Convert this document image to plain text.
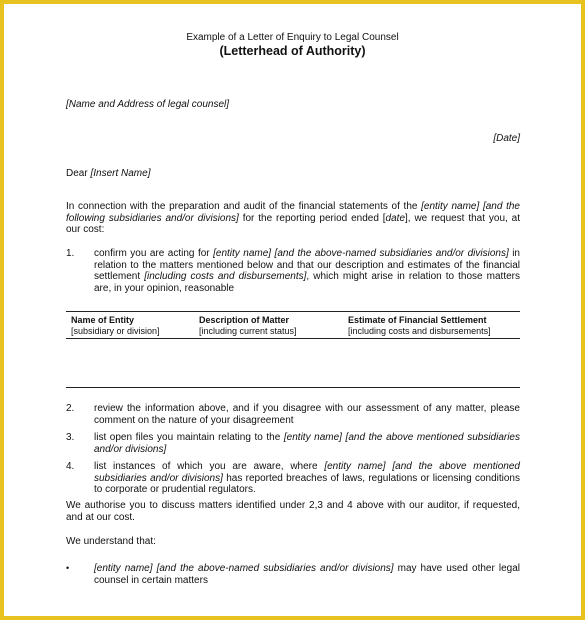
Example of a Letter of Enquiry to Legal Counsel
(Letterhead of Authority)
[Name and Address of legal counsel]
[Date]
Dear [Insert Name]
In connection with the preparation and audit of the financial statements of the [entity name] [and the following subsidiaries and/or divisions] for the reporting period ended [date], we request that you, at our cost:
1. confirm you are acting for [entity name] [and the above-named subsidiaries and/or divisions] in relation to the matters mentioned below and that our description and estimates of the financial settlement [including costs and disbursements], which might arise in relation to those matters are, in your opinion, reasonable
Name of Entity	Description of Matter	Estimate of Financial Settlement
[subsidiary or division]	[including current status]	[including costs and disbursements]
2. review the information above, and if you disagree with our assessment of any matter, please comment on the nature of your disagreement
3. list open files you maintain relating to the [entity name] [and the above mentioned subsidiaries and/or divisions]
4. list instances of which you are aware, where [entity name] [and the above mentioned subsidiaries and/or divisions] has reported breaches of laws, regulations or licensing conditions to corporate or prudential regulators.
We authorise you to discuss matters identified under 2,3 and 4 above with our auditor, if requested, and at our cost.
We understand that:
• [entity name] [and the above-named subsidiaries and/or divisions] may have used other legal counsel in certain matters
